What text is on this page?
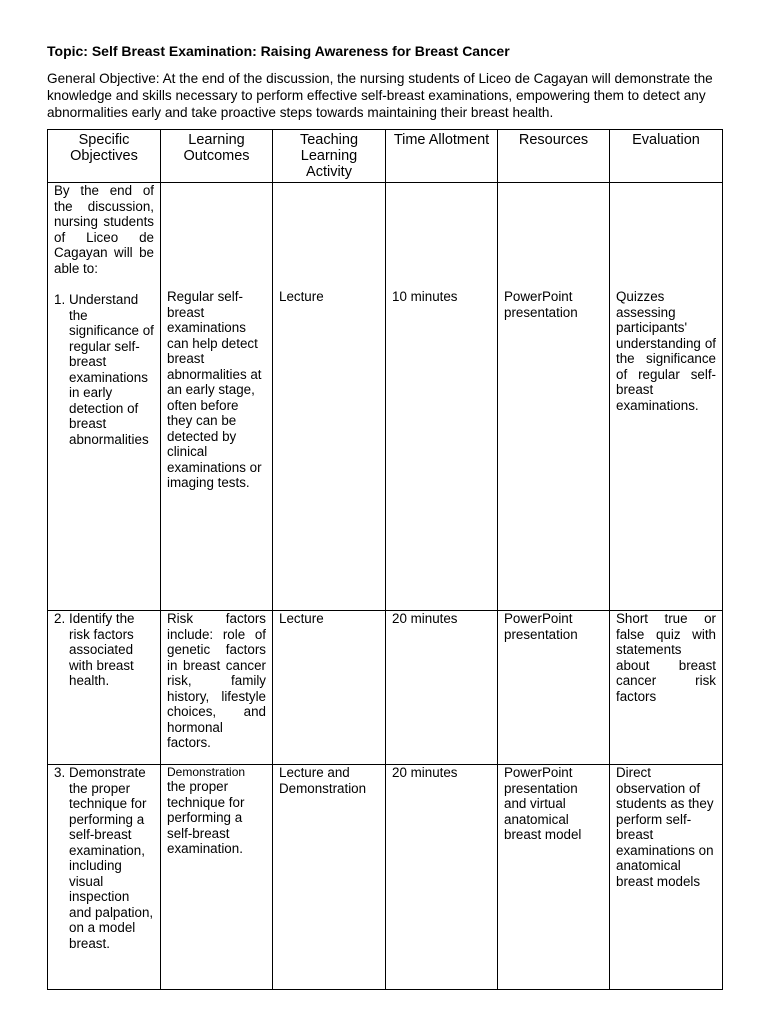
Topic: Self Breast Examination: Raising Awareness for Breast Cancer

General Objective: At the end of the discussion, the nursing students of Liceo de Cagayan will demonstrate the knowledge and skills necessary to perform effective self-breast examinations, empowering them to detect any abnormalities early and take proactive steps towards maintaining their breast health.

Specific Objectives	Learning Outcomes	Teaching Learning Activity	Time Allotment	Resources	Evaluation

By the end of the discussion, nursing students of Liceo de Cagayan will be able to:

1. Understand the significance of regular self-breast examinations in early detection of breast abnormalities	Regular self-breast examinations can help detect breast abnormalities at an early stage, often before they can be detected by clinical examinations or imaging tests.	Lecture	10 minutes	PowerPoint presentation	Quizzes assessing participants' understanding of the significance of regular self-breast examinations.

2. Identify the risk factors associated with breast health.	Risk factors include: role of genetic factors in breast cancer risk, family history, lifestyle choices, and hormonal factors.	Lecture	20 minutes	PowerPoint presentation	Short true or false quiz with statements about breast cancer risk factors

3. Demonstrate the proper technique for performing a self-breast examination, including visual inspection and palpation, on a model breast.	Demonstration
the proper technique for performing a self-breast examination.	Lecture and Demonstration	20 minutes	PowerPoint presentation and virtual anatomical breast model	Direct observation of students as they perform self-breast examinations on anatomical breast models
